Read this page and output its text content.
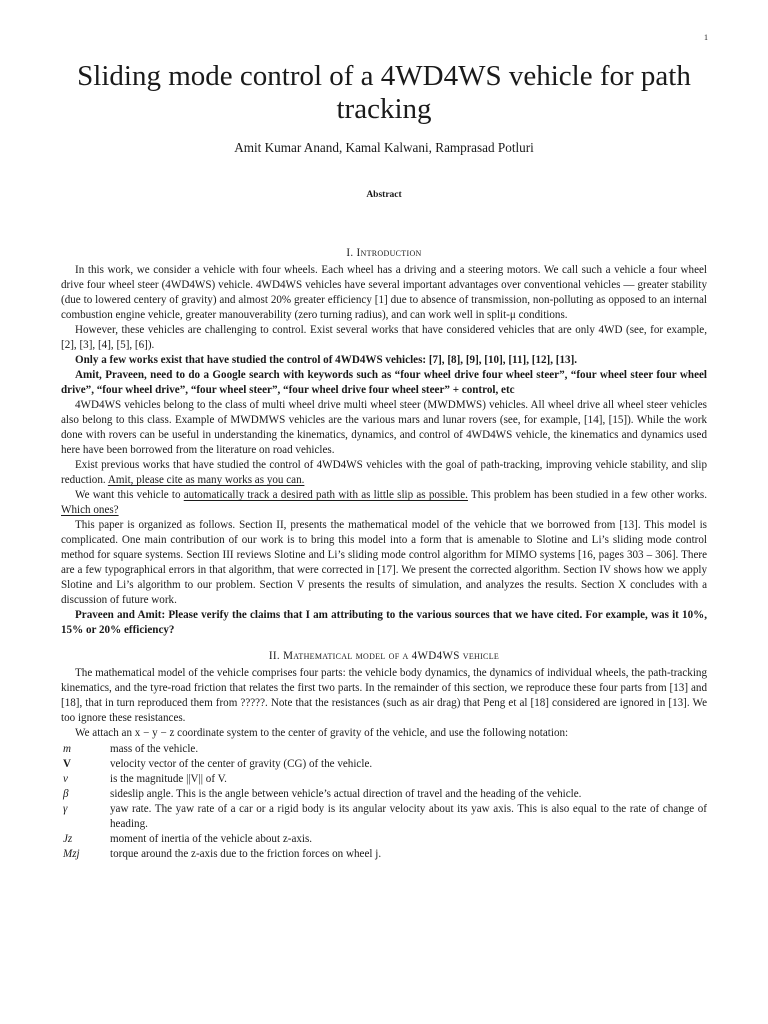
1
Sliding mode control of a 4WD4WS vehicle for path tracking
Amit Kumar Anand, Kamal Kalwani, Ramprasad Potluri
Abstract
I. Introduction

In this work, we consider a vehicle with four wheels. Each wheel has a driving and a steering motors. We call such a vehicle a four wheel drive four wheel steer (4WD4WS) vehicle. 4WD4WS vehicles have several important advantages over conventional vehicles — greater stability (due to lowered centery of gravity) and almost 20% greater efficiency [1] due to absence of transmission, non-polluting as opposed to an internal combustion engine vehicle, greater manouverability (zero turning radius), and can work well in split-μ conditions.

However, these vehicles are challenging to control. Exist several works that have considered vehicles that are only 4WD (see, for example, [2], [3], [4], [5], [6]).

Only a few works exist that have studied the control of 4WD4WS vehicles: [7], [8], [9], [10], [11], [12], [13].

Amit, Praveen, need to do a Google search with keywords such as “four wheel drive four wheel steer”, “four wheel steer four wheel drive”, “four wheel drive”, “four wheel steer”, “four wheel drive four wheel steer” + control, etc

4WD4WS vehicles belong to the class of multi wheel drive multi wheel steer (MWDMWS) vehicles. All wheel drive all wheel steer vehicles also belong to this class. Example of MWDMWS vehicles are the various mars and lunar rovers (see, for example, [14], [15]). While the work done with rovers can be useful in understanding the kinematics, dynamics, and control of 4WD4WS vehicle, the kinematics and dynamics used here have been borrowed from the literature on road vehicles.

Exist previous works that have studied the control of 4WD4WS vehicles with the goal of path-tracking, improving vehicle stability, and slip reduction. Amit, please cite as many works as you can.

We want this vehicle to automatically track a desired path with as little slip as possible. This problem has been studied in a few other works. Which ones?

This paper is organized as follows. Section II, presents the mathematical model of the vehicle that we borrowed from [13]. This model is complicated. One main contribution of our work is to bring this model into a form that is amenable to Slotine and Li’s sliding mode control method for square systems. Section III reviews Slotine and Li’s sliding mode control algorithm for MIMO systems [16, pages 303 – 306]. There are a few typographical errors in that algorithm, that were corrected in [17]. We present the corrected algorithm. Section IV shows how we apply Slotine and Li’s algorithm to our problem. Section V presents the results of simulation, and analyzes the results. Section X concludes with a discussion of future work.

Praveen and Amit: Please verify the claims that I am attributing to the various sources that we have cited. For example, was it 10%, 15% or 20% efficiency?

II. Mathematical model of a 4WD4WS vehicle

The mathematical model of the vehicle comprises four parts: the vehicle body dynamics, the dynamics of individual wheels, the path-tracking kinematics, and the tyre-road friction that relates the first two parts. In the remainder of this section, we reproduce these four parts from [13] and [18], that in turn reproduced them from ?????. Note that the resistances (such as air drag) that Peng et al [18] considered are ignored in [13]. We too ignore these resistances.

We attach an x − y − z coordinate system to the center of gravity of the vehicle, and use the following notation:

m	mass of the vehicle.
V	velocity vector of the center of gravity (CG) of the vehicle.
v	is the magnitude ||V|| of V.
β	sideslip angle. This is the angle between vehicle’s actual direction of travel and the heading of the vehicle.
γ	yaw rate. The yaw rate of a car or a rigid body is its angular velocity about its yaw axis. This is also equal to the rate of change of heading.
Jz	moment of inertia of the vehicle about z-axis.
Mzj	torque around the z-axis due to the friction forces on wheel j.
